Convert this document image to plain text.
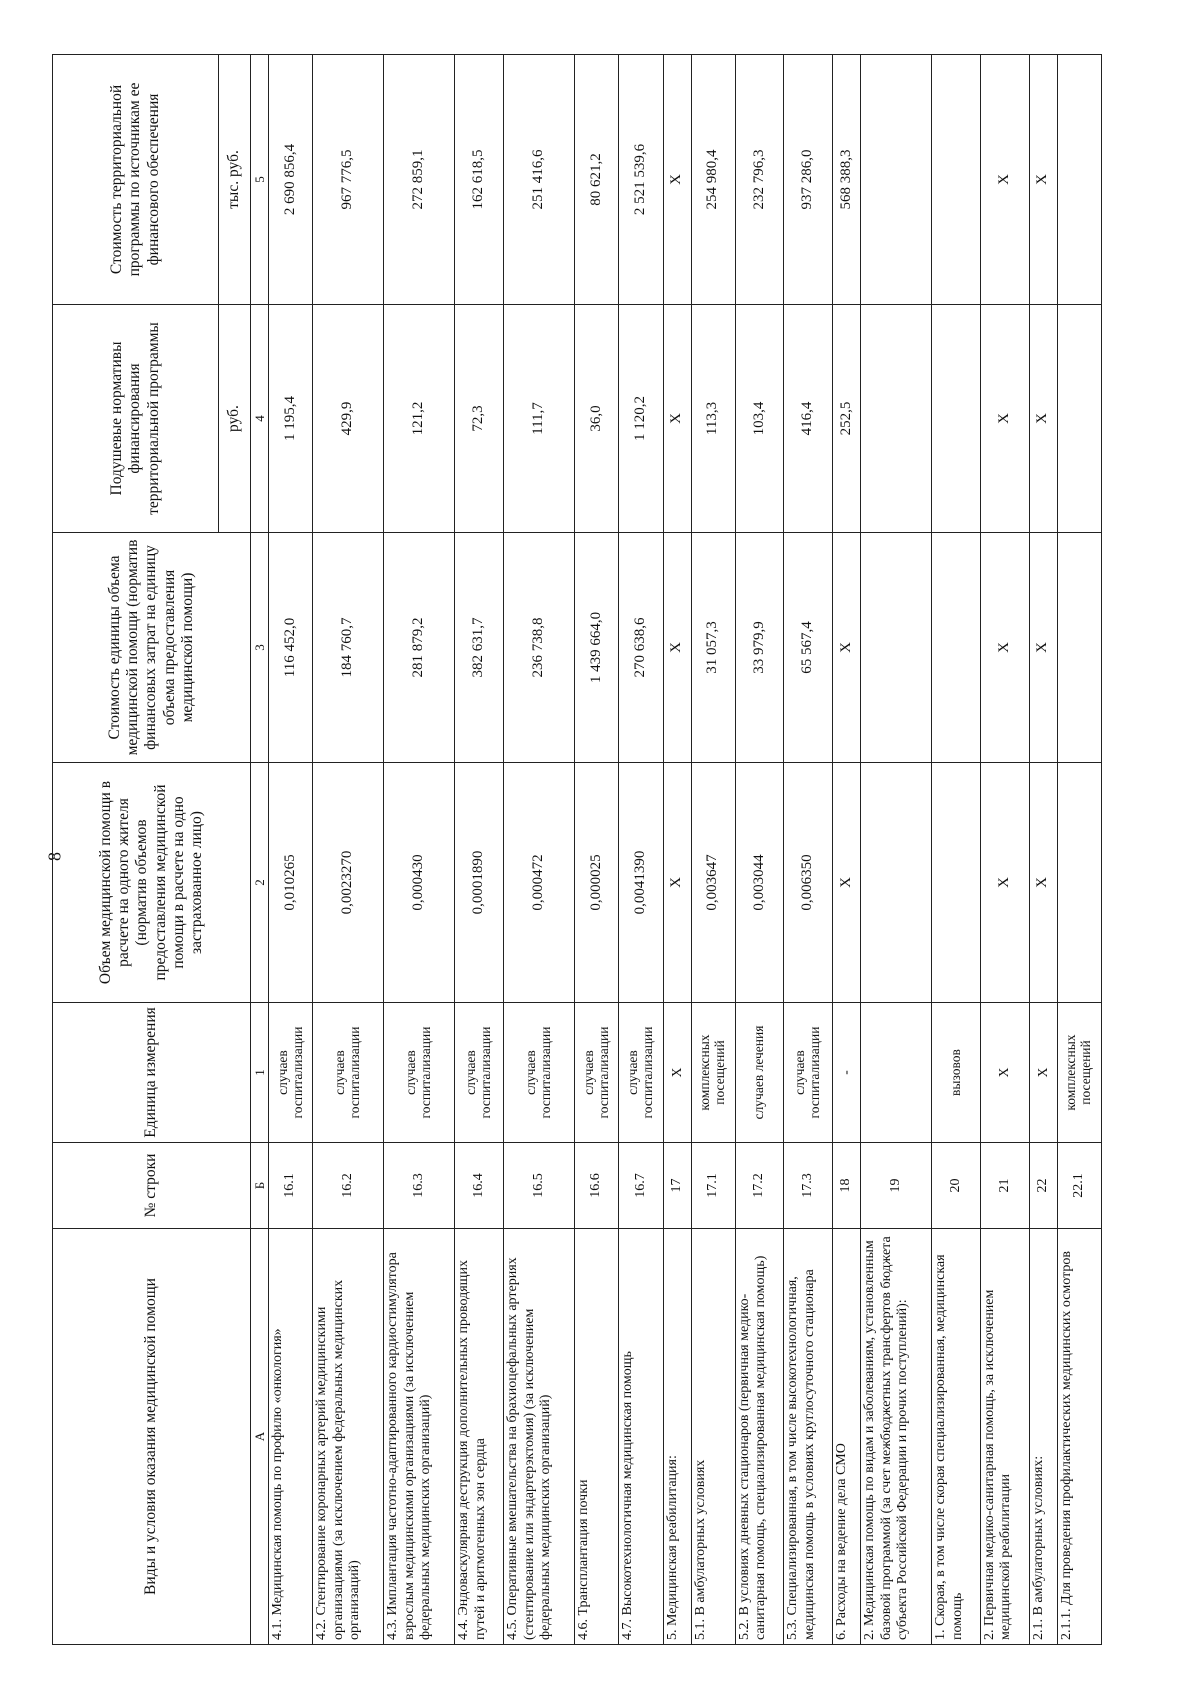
8
Виды и условия оказания медицинской помощи	№ строки	Единица измерения	Объем медицинской помощи в расчете на одного жителя (норматив объемов предоставления медицинской помощи в расчете на одно застрахованное лицо)	Стоимость единицы объема медицинской помощи (норматив финансовых затрат на единицу объема предоставления медицинской помощи)	Подушевые нормативы финансирования территориальной программы	Стоимость территориальной программы по источникам ее финансового обеспечения
					руб.	тыс. руб.
А	Б	1	2	3	4	5
4.1. Медицинская помощь по профилю «онкология»	16.1	случаев госпитализации	0,010265	116 452,0	1 195,4	2 690 856,4
4.2. Стентирование коронарных артерий медицинскими организациями (за исключением федеральных медицинских организаций)	16.2	случаев госпитализации	0,0023270	184 760,7	429,9	967 776,5
4.3. Имплантация частотно-адаптированного кардиостимулятора взрослым медицинскими организациями (за исключением федеральных медицинских организаций)	16.3	случаев госпитализации	0,000430	281 879,2	121,2	272 859,1
4.4. Эндоваскулярная деструкция дополнительных проводящих путей и аритмогенных зон сердца	16.4	случаев госпитализации	0,0001890	382 631,7	72,3	162 618,5
4.5. Оперативные вмешательства на брахиоцефальных артериях (стентирование или эндартерэктомия) (за исключением федеральных медицинских организаций)	16.5	случаев госпитализации	0,000472	236 738,8	111,7	251 416,6
4.6. Трансплантация почки	16.6	случаев госпитализации	0,000025	1 439 664,0	36,0	80 621,2
4.7. Высокотехнологичная медицинская помощь	16.7	случаев госпитализации	0,0041390	270 638,6	1 120,2	2 521 539,6
5. Медицинская реабилитация:	17	Х	Х	Х	Х	Х
5.1. В амбулаторных условиях	17.1	комплексных посещений	0,003647	31 057,3	113,3	254 980,4
5.2. В условиях дневных стационаров (первичная медико-санитарная помощь, специализированная медицинская помощь)	17.2	случаев лечения	0,003044	33 979,9	103,4	232 796,3
5.3. Специализированная, в том числе высокотехнологичная, медицинская помощь в условиях круглосуточного стационара	17.3	случаев госпитализации	0,006350	65 567,4	416,4	937 286,0
6. Расходы на ведение дела СМО	18	-	Х	Х	252,5	568 388,3
2. Медицинская помощь по видам и заболеваниям, установленным базовой программой (за счет межбюджетных трансфертов бюджета субъекта Российской Федерации и прочих поступлений):	19					
1. Скорая, в том числе скорая специализированная, медицинская помощь	20	вызовов				
2. Первичная медико-санитарная помощь, за исключением медицинской реабилитации	21	Х	Х	Х	Х	Х
2.1. В амбулаторных условиях:	22	Х	Х	Х	Х	Х
2.1.1. Для проведения профилактических медицинских осмотров	22.1	комплексных посещений				
